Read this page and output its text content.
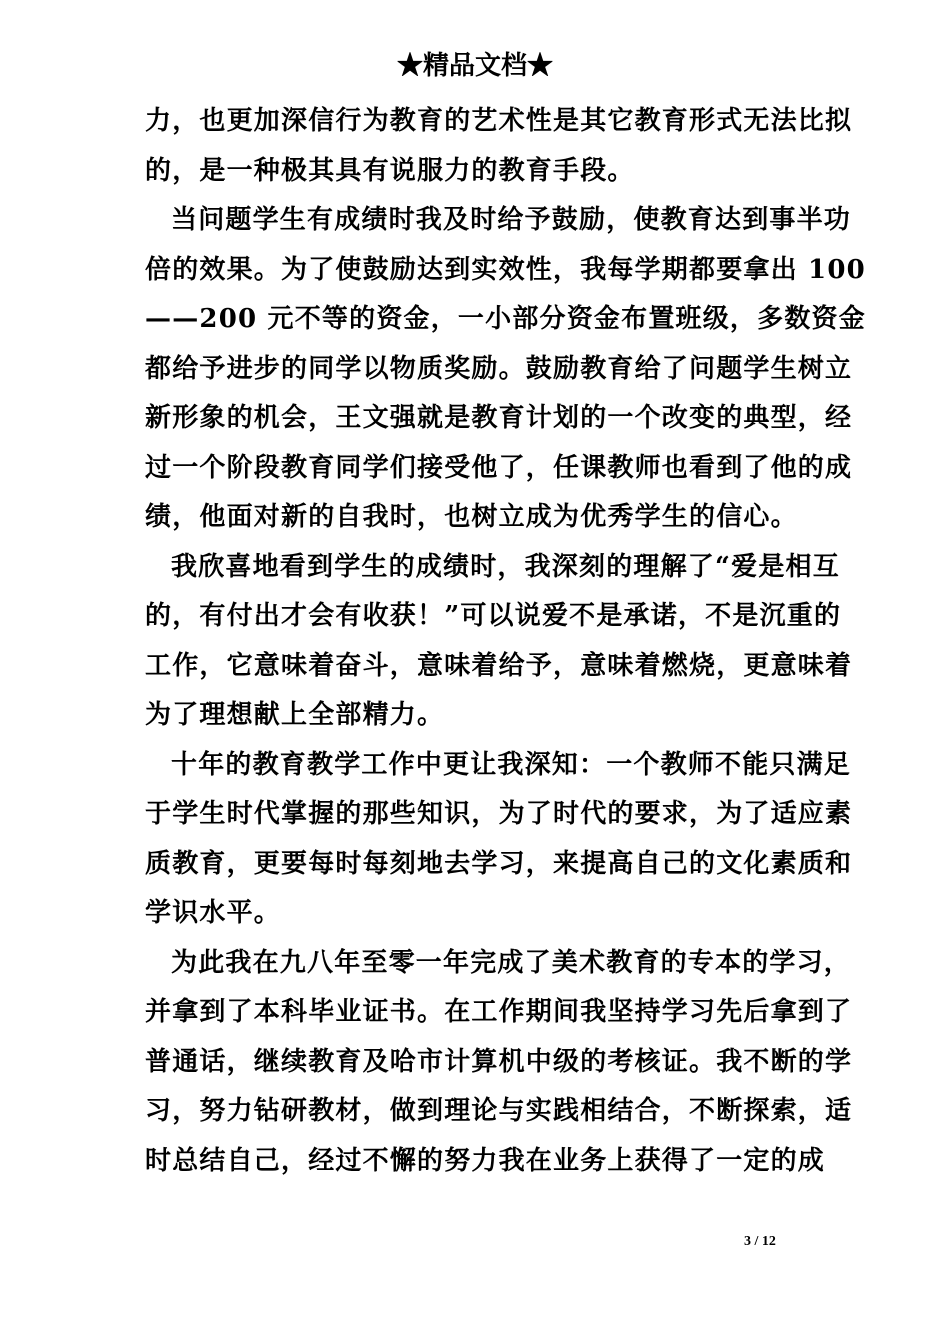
★精品文档★
力，也更加深信行为教育的艺术性是其它教育形式无法比拟
的，是一种极其具有说服力的教育手段。
当问题学生有成绩时我及时给予鼓励，使教育达到事半功
倍的效果。为了使鼓励达到实效性，我每学期都要拿出 100
——200 元不等的资金，一小部分资金布置班级，多数资金
都给予进步的同学以物质奖励。鼓励教育给了问题学生树立
新形象的机会，王文强就是教育计划的一个改变的典型，经
过一个阶段教育同学们接受他了，任课教师也看到了他的成
绩，他面对新的自我时，也树立成为优秀学生的信心。
我欣喜地看到学生的成绩时，我深刻的理解了“爱是相互
的，有付出才会有收获！”可以说爱不是承诺，不是沉重的
工作，它意味着奋斗，意味着给予，意味着燃烧，更意味着
为了理想献上全部精力。
十年的教育教学工作中更让我深知：一个教师不能只满足
于学生时代掌握的那些知识，为了时代的要求，为了适应素
质教育，更要每时每刻地去学习，来提高自己的文化素质和
学识水平。
为此我在九八年至零一年完成了美术教育的专本的学习，
并拿到了本科毕业证书。在工作期间我坚持学习先后拿到了
普通话，继续教育及哈市计算机中级的考核证。我不断的学
习，努力钻研教材，做到理论与实践相结合，不断探索，适
时总结自己，经过不懈的努力我在业务上获得了一定的成
3 / 12
